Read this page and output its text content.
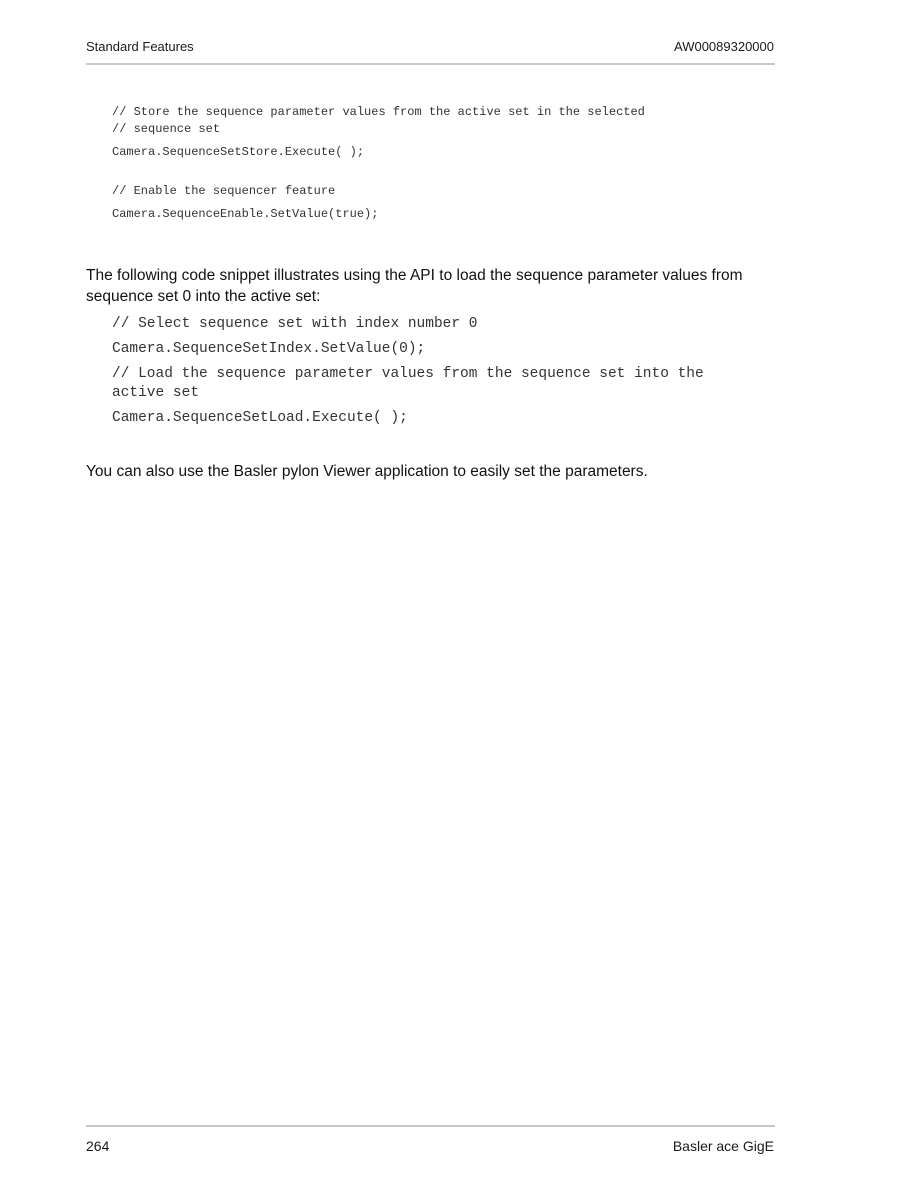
Standard Features	AW00089320000
// Store the sequence parameter values from the active set in the selected
// sequence set
Camera.SequenceSetStore.Execute( );
// Enable the sequencer feature
Camera.SequenceEnable.SetValue(true);
The following code snippet illustrates using the API to load the sequence parameter values from sequence set 0 into the active set:
// Select sequence set with index number 0
Camera.SequenceSetIndex.SetValue(0);
// Load the sequence parameter values from the sequence set into the
active set
Camera.SequenceSetLoad.Execute( );
You can also use the Basler pylon Viewer application to easily set the parameters.
264	Basler ace GigE
